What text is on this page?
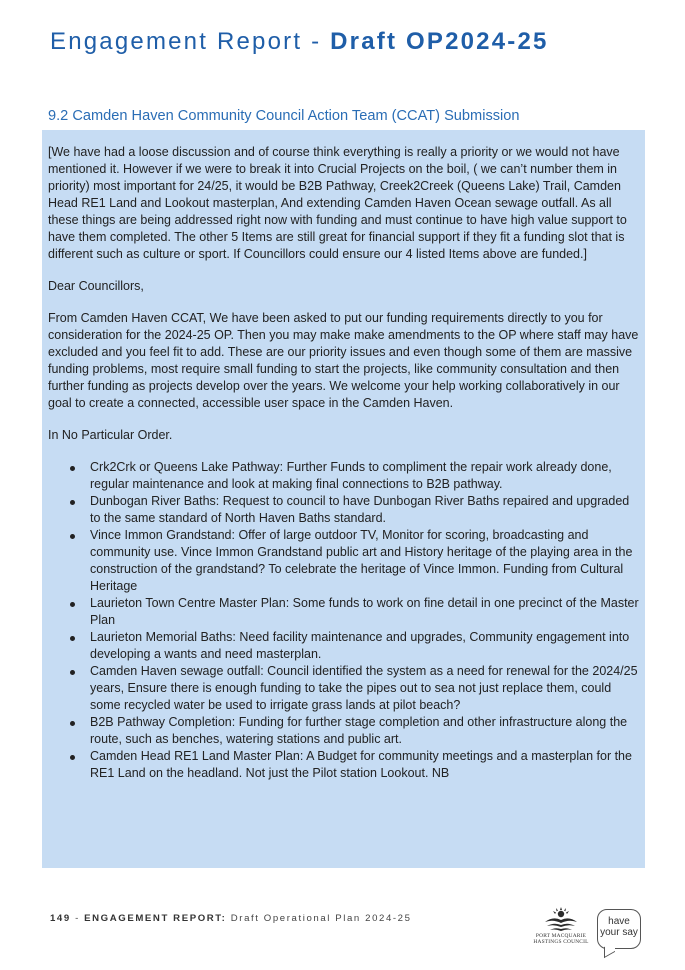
Engagement Report - Draft OP2024-25
9.2 Camden Haven Community Council Action Team (CCAT) Submission

[We have had a loose discussion and of course think everything is really a priority or we would not have mentioned it. However if we were to break it into Crucial Projects on the boil, ( we can’t number them in priority) most important for 24/25, it would be B2B Pathway, Creek2Creek (Queens Lake) Trail, Camden Head RE1 Land and Lookout masterplan, And extending Camden Haven Ocean sewage outfall. As all these things are being addressed right now with funding and must continue to have high value support to have them completed. The other 5 Items are still great for financial support if they fit a funding slot that is different such as culture or sport. If Councillors could ensure our 4 listed Items above are funded.]

Dear Councillors,

From Camden Haven CCAT, We have been asked to put our funding requirements directly to you for consideration for the 2024-25 OP. Then you may make make amendments to the OP where staff may have excluded and you feel fit to add. These are our priority issues and even though some of them are massive funding problems, most require small funding to start the projects, like community consultation and then further funding as projects develop over the years. We welcome your help working collaboratively in our goal to create a connected, accessible user space in the Camden Haven.

In No Particular Order.

Crk2Crk or Queens Lake Pathway: Further Funds to compliment the repair work already done, regular maintenance and look at making final connections to B2B pathway.
Dunbogan River Baths: Request to council to have Dunbogan River Baths repaired and upgraded to the same standard of North Haven Baths standard.
Vince Immon Grandstand: Offer of large outdoor TV, Monitor for scoring, broadcasting and community use. Vince Immon Grandstand public art and History heritage of the playing area in the construction of the grandstand? To celebrate the heritage of Vince Immon. Funding from Cultural Heritage
Laurieton Town Centre Master Plan: Some funds to work on fine detail in one precinct of the Master Plan
Laurieton Memorial Baths: Need facility maintenance and upgrades, Community engagement into developing a wants and need masterplan.
Camden Haven sewage outfall: Council identified the system as a need for renewal for the 2024/25 years, Ensure there is enough funding to take the pipes out to sea not just replace them, could some recycled water be used to irrigate grass lands at pilot beach?
B2B Pathway Completion: Funding for further stage completion and other infrastructure along the route, such as benches, watering stations and public art.
Camden Head RE1 Land Master Plan: A Budget for community meetings and a masterplan for the RE1 Land on the headland. Not just the Pilot station Lookout. NB
149 - ENGAGEMENT REPORT: Draft Operational Plan 2024-25
PORT MACQUARIE
HASTINGS COUNCIL
have
your say
